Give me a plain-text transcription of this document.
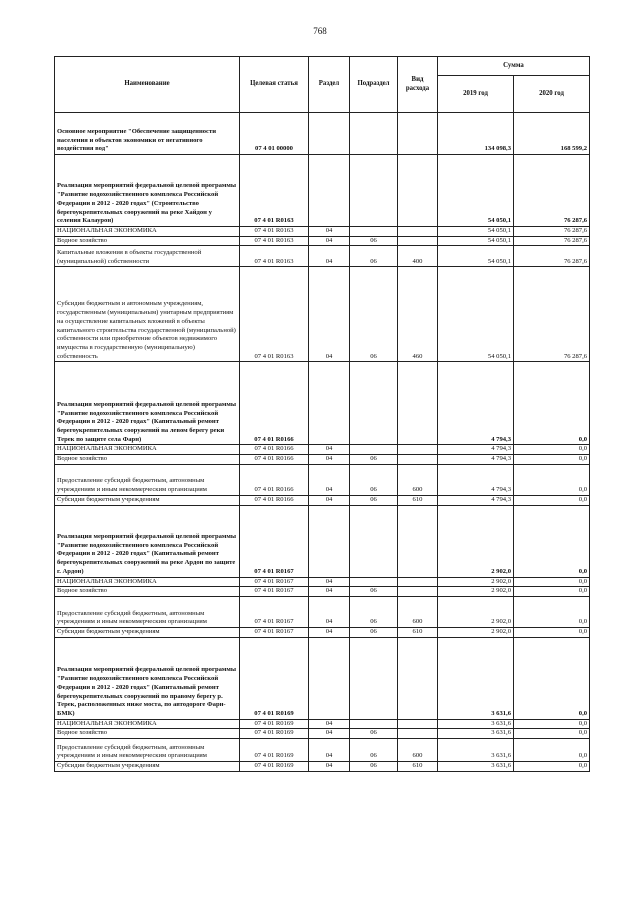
768
Наименование	Целевая статья	Раздел	Подраздел	Вид расхода	Сумма	
					2019 год	2020 год
Основное мероприятие "Обеспечение защищенности населения и объектов экономики от негативного воздействия вод"	07 4 01 00000				134 098,3	168 599,2
Реализация мероприятий федеральной целевой программы "Развитие водохозяйственного комплекса Российской Федерации в 2012 - 2020 годах" (Строительство берегоукрепительных сооружений на реке Хайдон у селения Калаурон)	07 4 01 R0163				54 050,1	76 287,6
НАЦИОНАЛЬНАЯ ЭКОНОМИКА	07 4 01 R0163	04			54 050,1	76 287,6
Водное хозяйство	07 4 01 R0163	04	06		54 050,1	76 287,6
Капитальные вложения в объекты государственной (муниципальной) собственности	07 4 01 R0163	04	06	400	54 050,1	76 287,6
Субсидии бюджетным и автономным учреждениям, государственным (муниципальным) унитарным предприятиям на осуществление капитальных вложений в объекты капитального строительства государственной (муниципальной) собственности или приобретение объектов недвижимого имущества в государственную (муниципальную) собственность	07 4 01 R0163	04	06	460	54 050,1	76 287,6
Реализация мероприятий федеральной целевой программы "Развитие водохозяйственного комплекса Российской Федерации в 2012 - 2020 годах" (Капитальный ремонт берегоукрепительных сооружений на левом берегу реки Терек по защите села Фарн)	07 4 01 R0166				4 794,3	0,0
НАЦИОНАЛЬНАЯ ЭКОНОМИКА	07 4 01 R0166	04			4 794,3	0,0
Водное хозяйство	07 4 01 R0166	04	06		4 794,3	0,0
Предоставление субсидий бюджетным, автономным учреждениям и иным некоммерческим организациям	07 4 01 R0166	04	06	600	4 794,3	0,0
Субсидии бюджетным учреждениям	07 4 01 R0166	04	06	610	4 794,3	0,0
Реализация мероприятий федеральной целевой программы "Развитие водохозяйственного комплекса Российской Федерации в 2012 - 2020 годах" (Капитальный ремонт берегоукрепительных сооружений на реке Ардон по защите г. Ардон)	07 4 01 R0167				2 902,0	0,0
НАЦИОНАЛЬНАЯ ЭКОНОМИКА	07 4 01 R0167	04			2 902,0	0,0
Водное хозяйство	07 4 01 R0167	04	06		2 902,0	0,0
Предоставление субсидий бюджетным, автономным учреждениям и иным некоммерческим организациям	07 4 01 R0167	04	06	600	2 902,0	0,0
Субсидии бюджетным учреждениям	07 4 01 R0167	04	06	610	2 902,0	0,0
Реализация мероприятий федеральной целевой программы "Развитие водохозяйственного комплекса Российской Федерации в 2012 - 2020 годах" (Капитальный ремонт берегоукрепительных сооружений по правому берегу р. Терек, расположенных ниже моста, по автодороге Фарн-БМК)	07 4 01 R0169				3 631,6	0,0
НАЦИОНАЛЬНАЯ ЭКОНОМИКА	07 4 01 R0169	04			3 631,6	0,0
Водное хозяйство	07 4 01 R0169	04	06		3 631,6	0,0
Предоставление субсидий бюджетным, автономным учреждениям и иным некоммерческим организациям	07 4 01 R0169	04	06	600	3 631,6	0,0
Субсидии бюджетным учреждениям	07 4 01 R0169	04	06	610	3 631,6	0,0
